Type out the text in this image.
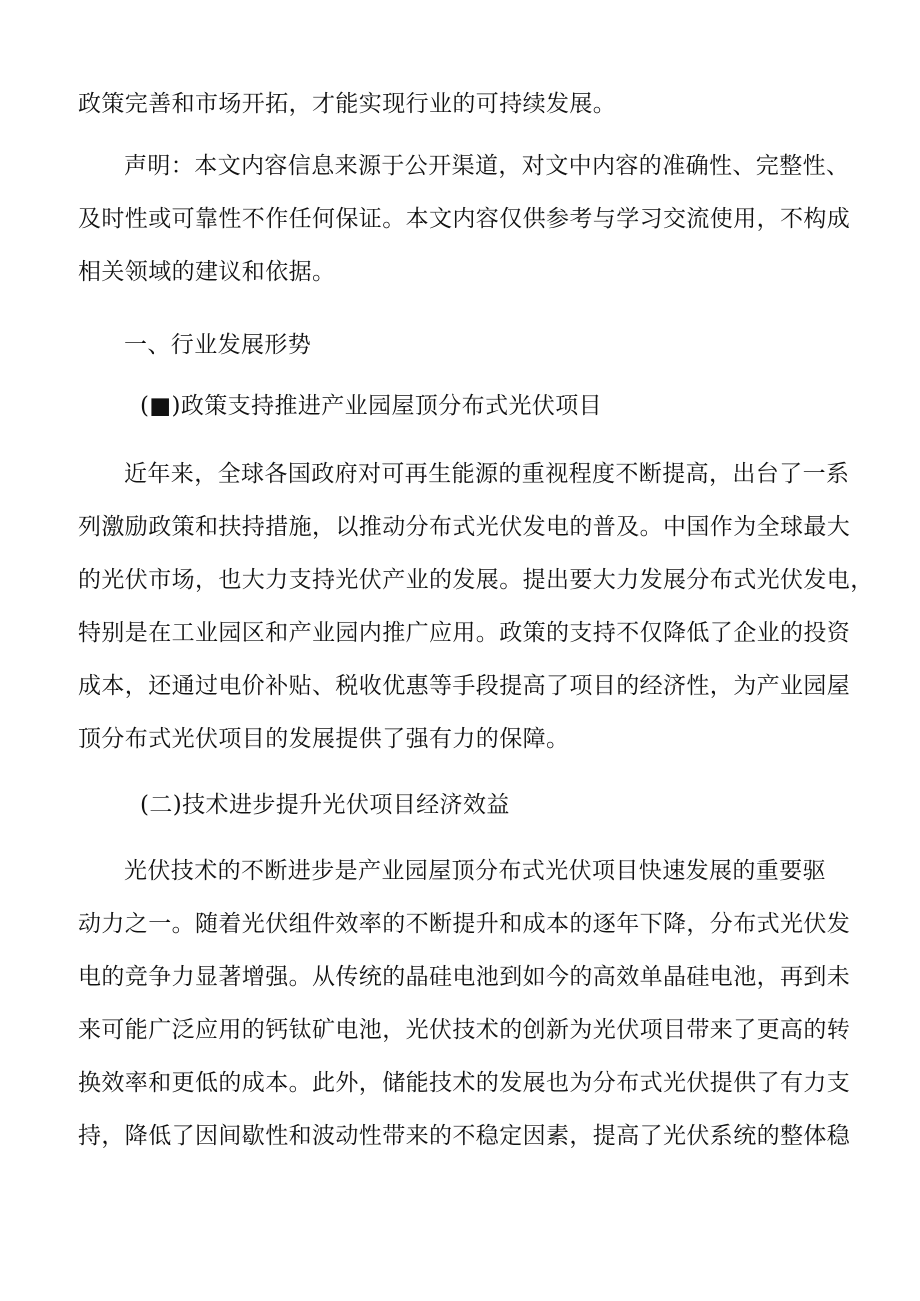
政策完善和市场开拓，才能实现行业的可持续发展。
声明：本文内容信息来源于公开渠道，对文中内容的准确性、完整性、
及时性或可靠性不作任何保证。本文内容仅供参考与学习交流使用，不构成
相关领域的建议和依据。
一、行业发展形势
(■)政策支持推进产业园屋顶分布式光伏项目
近年来，全球各国政府对可再生能源的重视程度不断提高，出台了一系
列激励政策和扶持措施，以推动分布式光伏发电的普及。中国作为全球最大
的光伏市场，也大力支持光伏产业的发展。提出要大力发展分布式光伏发电，
特别是在工业园区和产业园内推广应用。政策的支持不仅降低了企业的投资
成本，还通过电价补贴、税收优惠等手段提高了项目的经济性，为产业园屋
顶分布式光伏项目的发展提供了强有力的保障。
(二)技术进步提升光伏项目经济效益
光伏技术的不断进步是产业园屋顶分布式光伏项目快速发展的重要驱
动力之一。随着光伏组件效率的不断提升和成本的逐年下降，分布式光伏发
电的竞争力显著增强。从传统的晶硅电池到如今的高效单晶硅电池，再到未
来可能广泛应用的钙钛矿电池，光伏技术的创新为光伏项目带来了更高的转
换效率和更低的成本。此外，储能技术的发展也为分布式光伏提供了有力支
持，降低了因间歇性和波动性带来的不稳定因素，提高了光伏系统的整体稳
